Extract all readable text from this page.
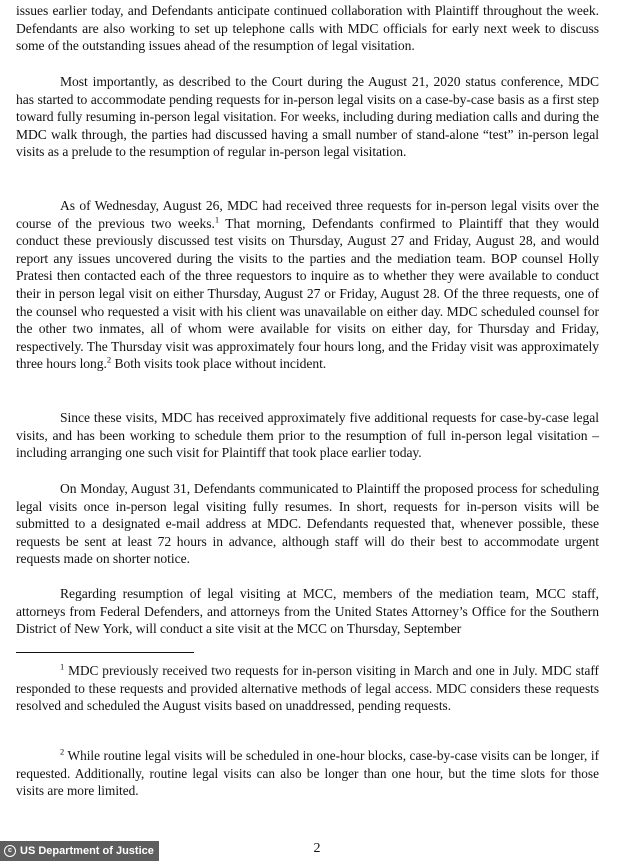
issues earlier today, and Defendants anticipate continued collaboration with Plaintiff throughout the week. Defendants are also working to set up telephone calls with MDC officials for early next week to discuss some of the outstanding issues ahead of the resumption of legal visitation.

Most importantly, as described to the Court during the August 21, 2020 status conference, MDC has started to accommodate pending requests for in-person legal visits on a case-by-case basis as a first step toward fully resuming in-person legal visitation. For weeks, including during mediation calls and during the MDC walk through, the parties had discussed having a small number of stand-alone “test” in-person legal visits as a prelude to the resumption of regular in-person legal visitation.

As of Wednesday, August 26, MDC had received three requests for in-person legal visits over the course of the previous two weeks.$^1$ That morning, Defendants confirmed to Plaintiff that they would conduct these previously discussed test visits on Thursday, August 27 and Friday, August 28, and would report any issues uncovered during the visits to the parties and the mediation team. BOP counsel Holly Pratesi then contacted each of the three requestors to inquire as to whether they were available to conduct their in person legal visit on either Thursday, August 27 or Friday, August 28. Of the three requests, one of the counsel who requested a visit with his client was unavailable on either day. MDC scheduled counsel for the other two inmates, all of whom were available for visits on either day, for Thursday and Friday, respectively. The Thursday visit was approximately four hours long, and the Friday visit was approximately three hours long.$^2$ Both visits took place without incident.

Since these visits, MDC has received approximately five additional requests for case-by-case legal visits, and has been working to schedule them prior to the resumption of full in-person legal visitation – including arranging one such visit for Plaintiff that took place earlier today.

On Monday, August 31, Defendants communicated to Plaintiff the proposed process for scheduling legal visits once in-person legal visiting fully resumes. In short, requests for in-person visits will be submitted to a designated e-mail address at MDC. Defendants requested that, whenever possible, these requests be sent at least 72 hours in advance, although staff will do their best to accommodate urgent requests made on shorter notice.

Regarding resumption of legal visiting at MCC, members of the mediation team, MCC staff, attorneys from Federal Defenders, and attorneys from the United States Attorney’s Office for the Southern District of New York, will conduct a site visit at the MCC on Thursday, September

$^1$ MDC previously received two requests for in-person visiting in March and one in July. MDC staff responded to these requests and provided alternative methods of legal access. MDC considers these requests resolved and scheduled the August visits based on unaddressed, pending requests.

$^2$ While routine legal visits will be scheduled in one-hour blocks, case-by-case visits can be longer, if requested. Additionally, routine legal visits can also be longer than one hour, but the time slots for those visits are more limited.

2
c US Department of Justice
